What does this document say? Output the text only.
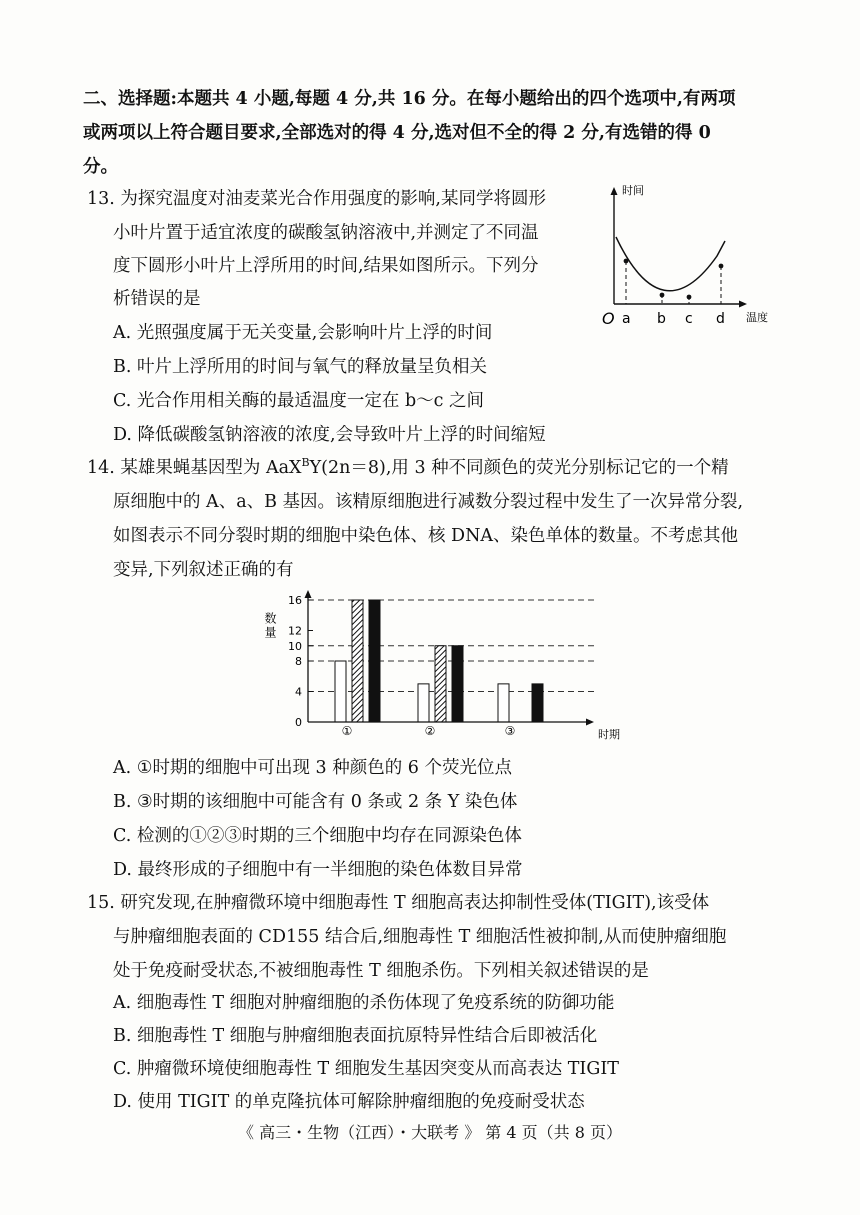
二、选择题:本题共 4 小题,每题 4 分,共 16 分。在每小题给出的四个选项中,有两项
或两项以上符合题目要求,全部选对的得 4 分,选对但不全的得 2 分,有选错的得 0
分。
13. 为探究温度对油麦菜光合作用强度的影响,某同学将圆形
小叶片置于适宜浓度的碳酸氢钠溶液中,并测定了不同温
度下圆形小叶片上浮所用的时间,结果如图所示。下列分
析错误的是
A. 光照强度属于无关变量,会影响叶片上浮的时间
B. 叶片上浮所用的时间与氧气的释放量呈负相关
C. 光合作用相关酶的最适温度一定在 b～c 之间
D. 降低碳酸氢钠溶液的浓度,会导致叶片上浮的时间缩短
时间
温度
O a b c d
14. 某雄果蝇基因型为 AaX$^B$Y(2n＝8),用 3 种不同颜色的荧光分别标记它的一个精
原细胞中的 A、a、B 基因。该精原细胞进行减数分裂过程中发生了一次异常分裂,
如图表示不同分裂时期的细胞中染色体、核 DNA、染色单体的数量。不考虑其他
变异,下列叙述正确的有
0
4
8
10
12
16
①	②	③
数量
时期
A. ①时期的细胞中可出现 3 种颜色的 6 个荧光位点
B. ③时期的该细胞中可能含有 0 条或 2 条 Y 染色体
C. 检测的①②③时期的三个细胞中均存在同源染色体
D. 最终形成的子细胞中有一半细胞的染色体数目异常
15. 研究发现,在肿瘤微环境中细胞毒性 T 细胞高表达抑制性受体(TIGIT),该受体
与肿瘤细胞表面的 CD155 结合后,细胞毒性 T 细胞活性被抑制,从而使肿瘤细胞
处于免疫耐受状态,不被细胞毒性 T 细胞杀伤。下列相关叙述错误的是
A. 细胞毒性 T 细胞对肿瘤细胞的杀伤体现了免疫系统的防御功能
B. 细胞毒性 T 细胞与肿瘤细胞表面抗原特异性结合后即被活化
C. 肿瘤微环境使细胞毒性 T 细胞发生基因突变从而高表达 TIGIT
D. 使用 TIGIT 的单克隆抗体可解除肿瘤细胞的免疫耐受状态
《 高三・生物（江西）・大联考 》 第 4 页（共 8 页）
